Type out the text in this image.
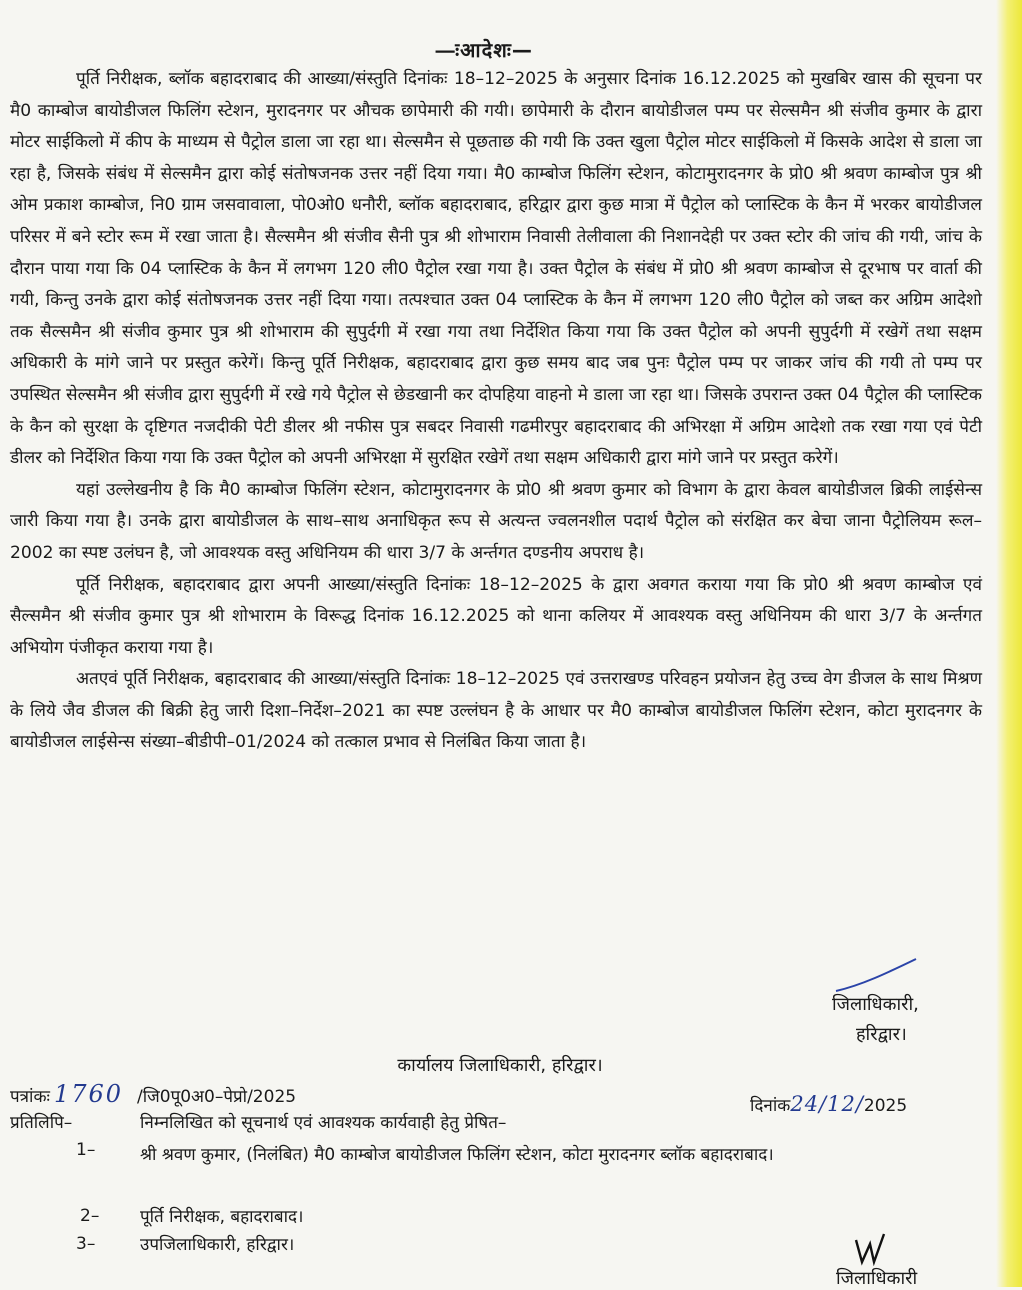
—ःआदेशः—

पूर्ति निरीक्षक, ब्लॉक बहादराबाद की आख्या/संस्तुति दिनांकः 18–12–2025 के अनुसार दिनांक 16.12.2025 को मुखबिर खास की सूचना पर मै0 काम्बोज बायोडीजल फिलिंग स्टेशन, मुरादनगर पर औचक छापेमारी की गयी। छापेमारी के दौरान बायोडीजल पम्प पर सेल्समैन श्री संजीव कुमार के द्वारा मोटर साईकिलो में कीप के माध्यम से पैट्रोल डाला जा रहा था। सेल्समैन से पूछताछ की गयी कि उक्त खुला पैट्रोल मोटर साईकिलो में किसके आदेश से डाला जा रहा है, जिसके संबंध में सेल्समैन द्वारा कोई संतोषजनक उत्तर नहीं दिया गया। मै0 काम्बोज फिलिंग स्टेशन, कोटामुरादनगर के प्रो0 श्री श्रवण काम्बोज पुत्र श्री ओम प्रकाश काम्बोज, नि0 ग्राम जसवावाला, पो0ओ0 धनौरी, ब्लॉक बहादराबाद, हरिद्वार द्वारा कुछ मात्रा में पैट्रोल को प्लास्टिक के कैन में भरकर बायोडीजल परिसर में बने स्टोर रूम में रखा जाता है। सैल्समैन श्री संजीव सैनी पुत्र श्री शोभाराम निवासी तेलीवाला की निशानदेही पर उक्त स्टोर की जांच की गयी, जांच के दौरान पाया गया कि 04 प्लास्टिक के कैन में लगभग 120 ली0 पैट्रोल रखा गया है। उक्त पैट्रोल के संबंध में प्रो0 श्री श्रवण काम्बोज से दूरभाष पर वार्ता की गयी, किन्तु उनके द्वारा कोई संतोषजनक उत्तर नहीं दिया गया। तत्पश्चात उक्त 04 प्लास्टिक के कैन में लगभग 120 ली0 पैट्रोल को जब्त कर अग्रिम आदेशो तक सैल्समैन श्री संजीव कुमार पुत्र श्री शोभाराम की सुपुर्दगी में रखा गया तथा निर्देशित किया गया कि उक्त पैट्रोल को अपनी सुपुर्दगी में रखेगें तथा सक्षम अधिकारी के मांगे जाने पर प्रस्तुत करेगें। किन्तु पूर्ति निरीक्षक, बहादराबाद द्वारा कुछ समय बाद जब पुनः पैट्रोल पम्प पर जाकर जांच की गयी तो पम्प पर उपस्थित सेल्समैन श्री संजीव द्वारा सुपुर्दगी में रखे गये पैट्रोल से छेडखानी कर दोपहिया वाहनो मे डाला जा रहा था। जिसके उपरान्त उक्त 04 पैट्रोल की प्लास्टिक के कैन को सुरक्षा के दृष्टिगत नजदीकी पेटी डीलर श्री नफीस पुत्र सबदर निवासी गढमीरपुर बहादराबाद की अभिरक्षा में अग्रिम आदेशो तक रखा गया एवं पेटी डीलर को निर्देशित किया गया कि उक्त पैट्रोल को अपनी अभिरक्षा में सुरक्षित रखेगें तथा सक्षम अधिकारी द्वारा मांगे जाने पर प्रस्तुत करेगें।

यहां उल्लेखनीय है कि मै0 काम्बोज फिलिंग स्टेशन, कोटामुरादनगर के प्रो0 श्री श्रवण कुमार को विभाग के द्वारा केवल बायोडीजल ब्रिकी लाईसेन्स जारी किया गया है। उनके द्वारा बायोडीजल के साथ–साथ अनाधिकृत रूप से अत्यन्त ज्वलनशील पदार्थ पैट्रोल को संरक्षित कर बेचा जाना पैट्रोलियम रूल–2002 का स्पष्ट उलंघन है, जो आवश्यक वस्तु अधिनियम की धारा 3/7 के अर्न्तगत दण्डनीय अपराध है।

पूर्ति निरीक्षक, बहादराबाद द्वारा अपनी आख्या/संस्तुति दिनांकः 18–12–2025 के द्वारा अवगत कराया गया कि प्रो0 श्री श्रवण काम्बोज एवं सैल्समैन श्री संजीव कुमार पुत्र श्री शोभाराम के विरूद्ध दिनांक 16.12.2025 को थाना कलियर में आवश्यक वस्तु अधिनियम की धारा 3/7 के अर्न्तगत अभियोग पंजीकृत कराया गया है।

अतएवं पूर्ति निरीक्षक, बहादराबाद की आख्या/संस्तुति दिनांकः 18–12–2025 एवं उत्तराखण्ड परिवहन प्रयोजन हेतु उच्च वेग डीजल के साथ मिश्रण के लिये जैव डीजल की बिक्री हेतु जारी दिशा–निर्देश–2021 का स्पष्ट उल्लंघन है के आधार पर मै0 काम्बोज बायोडीजल फिलिंग स्टेशन, कोटा मुरादनगर के बायोडीजल लाईसेन्स संख्या–बीडीपी–01/2024 को तत्काल प्रभाव से निलंबित किया जाता है।

जिलाधिकारी,
हरिद्वार।
कार्यालय जिलाधिकारी, हरिद्वार।
पत्रांकः 1760 /जि0पू0अ0–पेप्रो/2025	दिनांक24/12/2025
प्रतिलिपि–	निम्नलिखित को सूचनार्थ एवं आवश्यक कार्यवाही हेतु प्रेषित–
1–	श्री श्रवण कुमार, (निलंबित) मै0 काम्बोज बायोडीजल फिलिंग स्टेशन, कोटा मुरादनगर ब्लॉक बहादराबाद।
2– पूर्ति निरीक्षक, बहादराबाद।
3–	उपजिलाधिकारी, हरिद्वार।
जिलाधिकारी
